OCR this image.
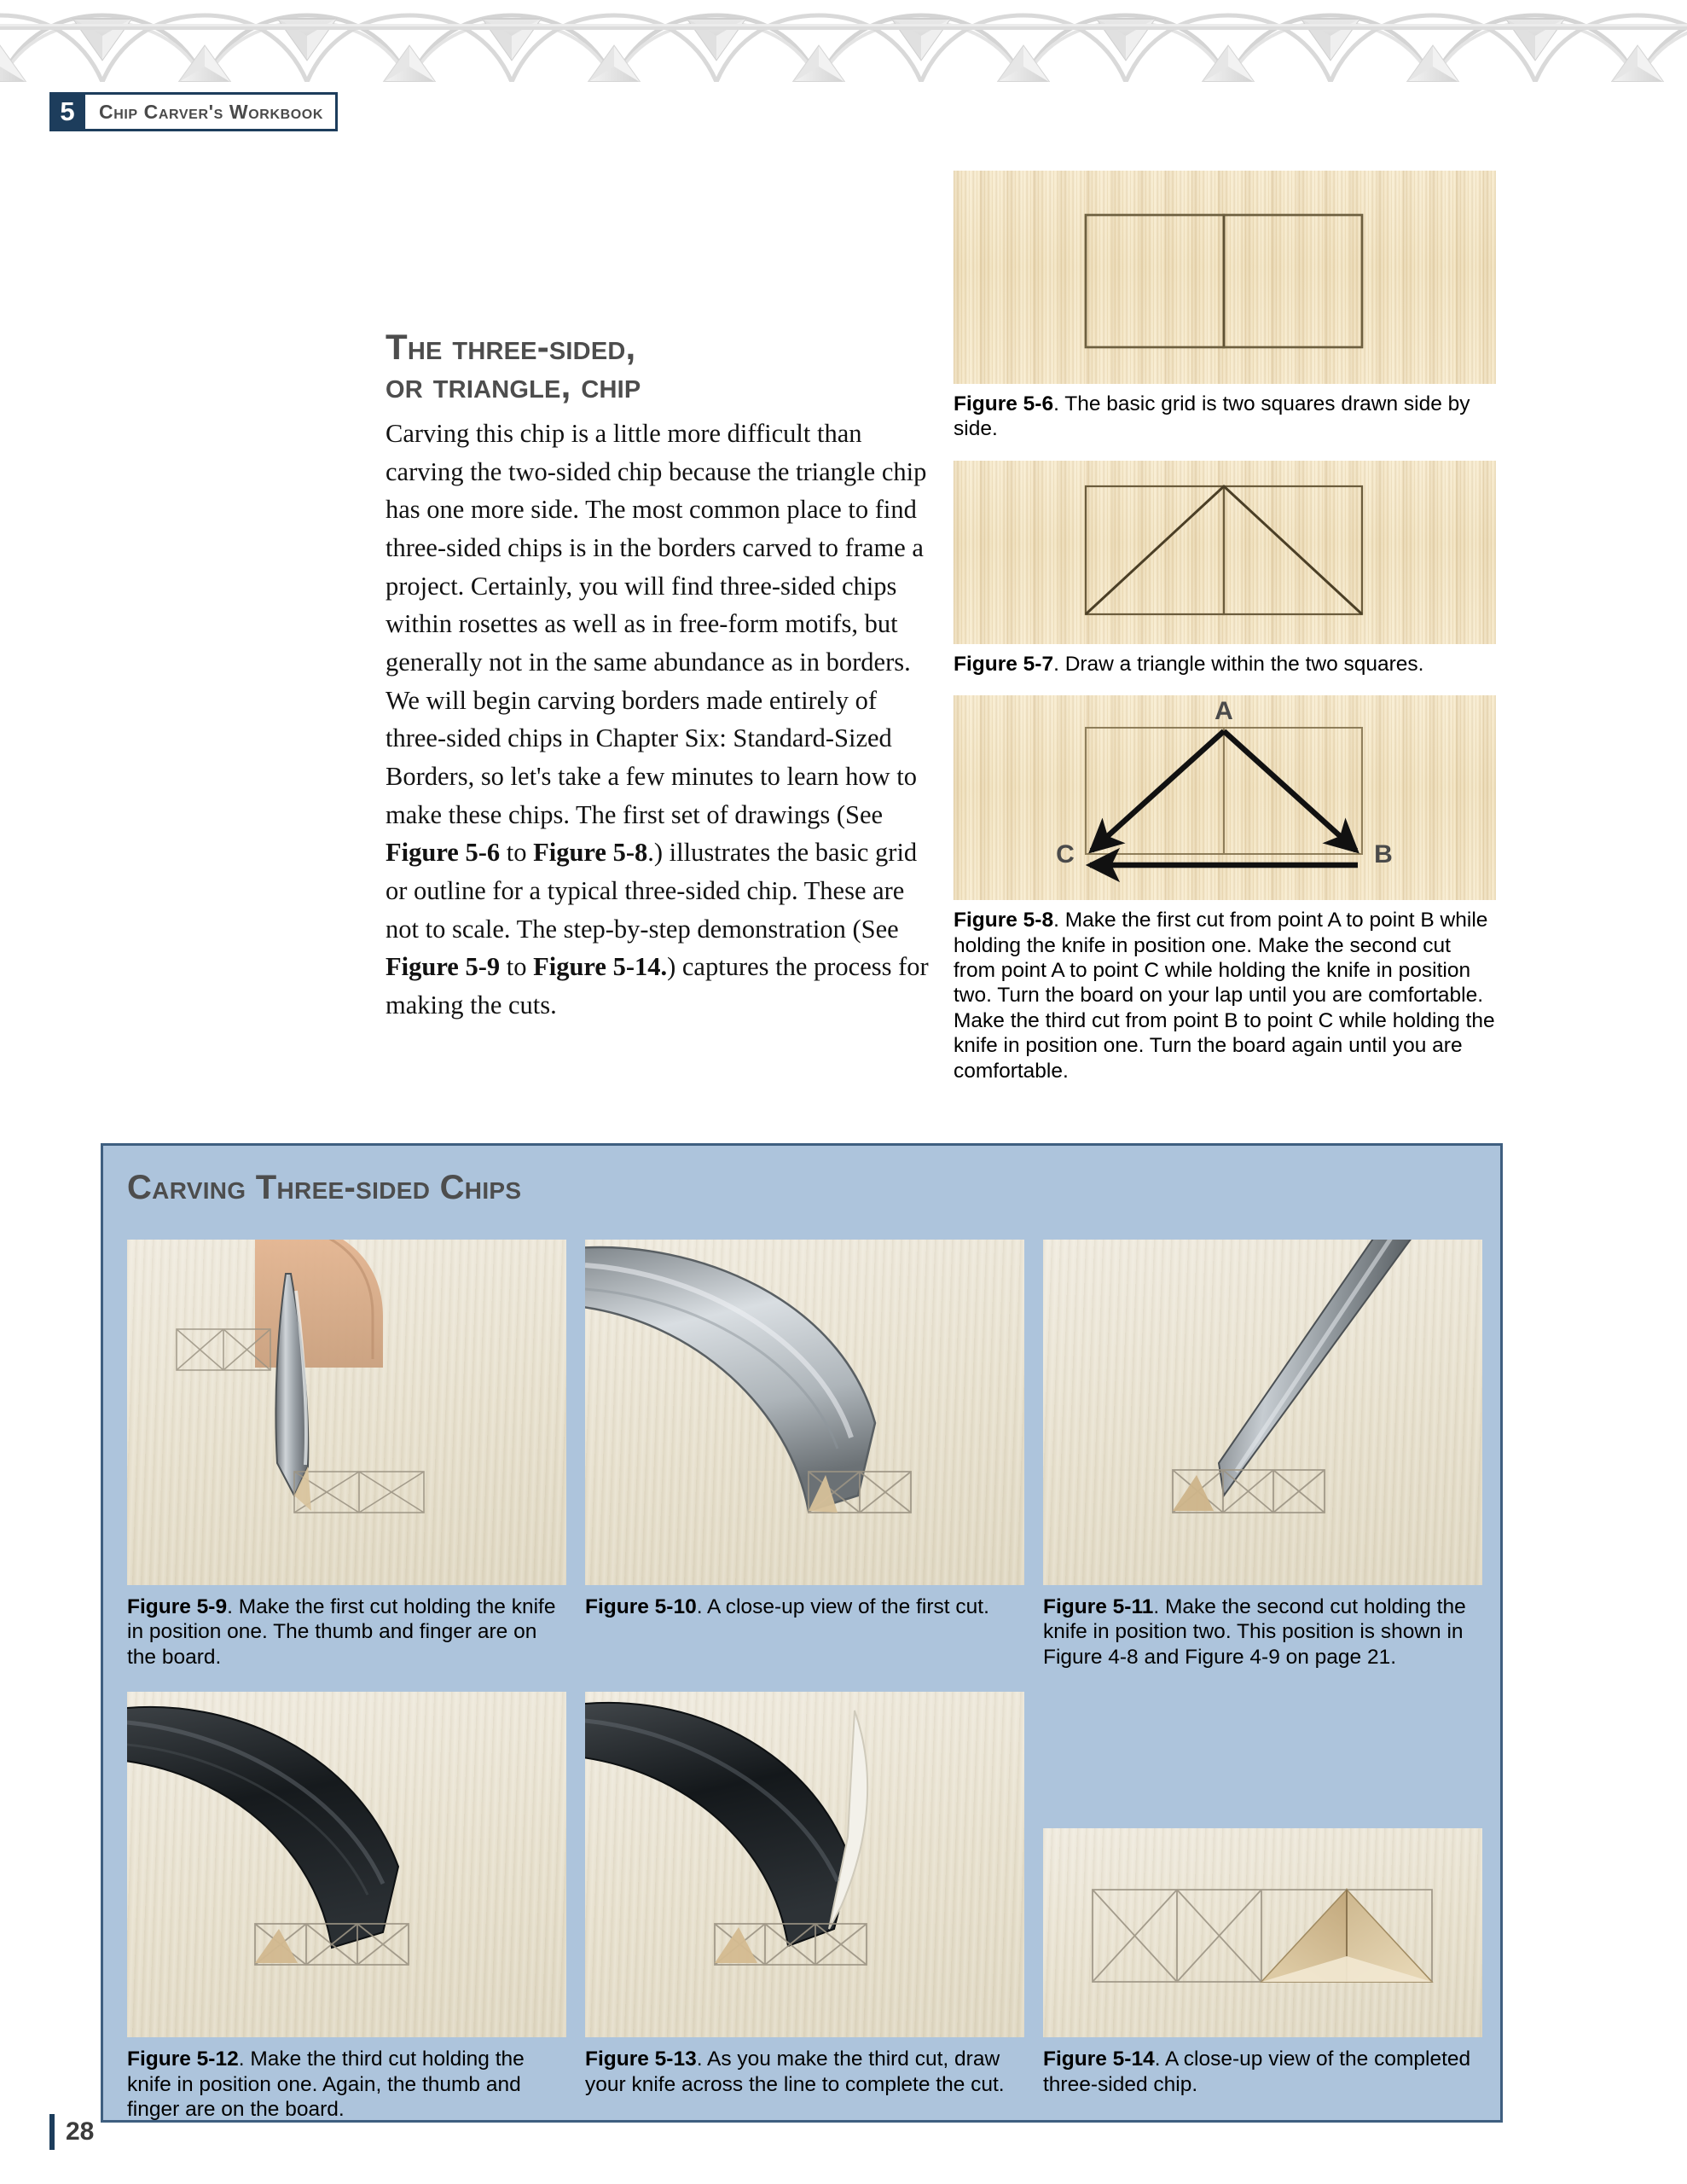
5	Chip Carver's Workbook
The three-sided,
or triangle, chip

Carving this chip is a little more difficult than carving the two-sided chip because the triangle chip has one more side. The most common place to find three-sided chips is in the borders carved to frame a project. Certainly, you will find three-sided chips within rosettes as well as in free-form motifs, but generally not in the same abundance as in borders. We will begin carving borders made entirely of three-sided chips in Chapter Six: Standard-Sized Borders, so let's take a few minutes to learn how to make these chips. The first set of drawings (See Figure 5-6 to Figure 5-8.) illustrates the basic grid or outline for a typical three-sided chip. These are not to scale. The step-by-step demonstration (See Figure 5-9 to Figure 5-14.) captures the process for making the cuts.

Figure 5-6. The basic grid is two squares drawn side by side.
Figure 5-7. Draw a triangle within the two squares.
A
B
C
Figure 5-8. Make the first cut from point A to point B while holding the knife in position one. Make the second cut from point A to point C while holding the knife in position two. Turn the board on your lap until you are comfortable. Make the third cut from point B to point C while holding the knife in position one. Turn the board again until you are comfortable.
Carving Three-sided Chips
Figure 5-9. Make the first cut holding the knife in position one. The thumb and finger are on the board.
Figure 5-10. A close-up view of the first cut.	Figure 5-11. Make the second cut holding the knife in position two. This position is shown in Figure 4-8 and Figure 4-9 on page 21.
Figure 5-12. Make the third cut holding the knife in position one. Again, the thumb and finger are on the board.
Figure 5-13. As you make the third cut, draw your knife across the line to complete the cut.
Figure 5-14. A close-up view of the completed three-sided chip.
28
